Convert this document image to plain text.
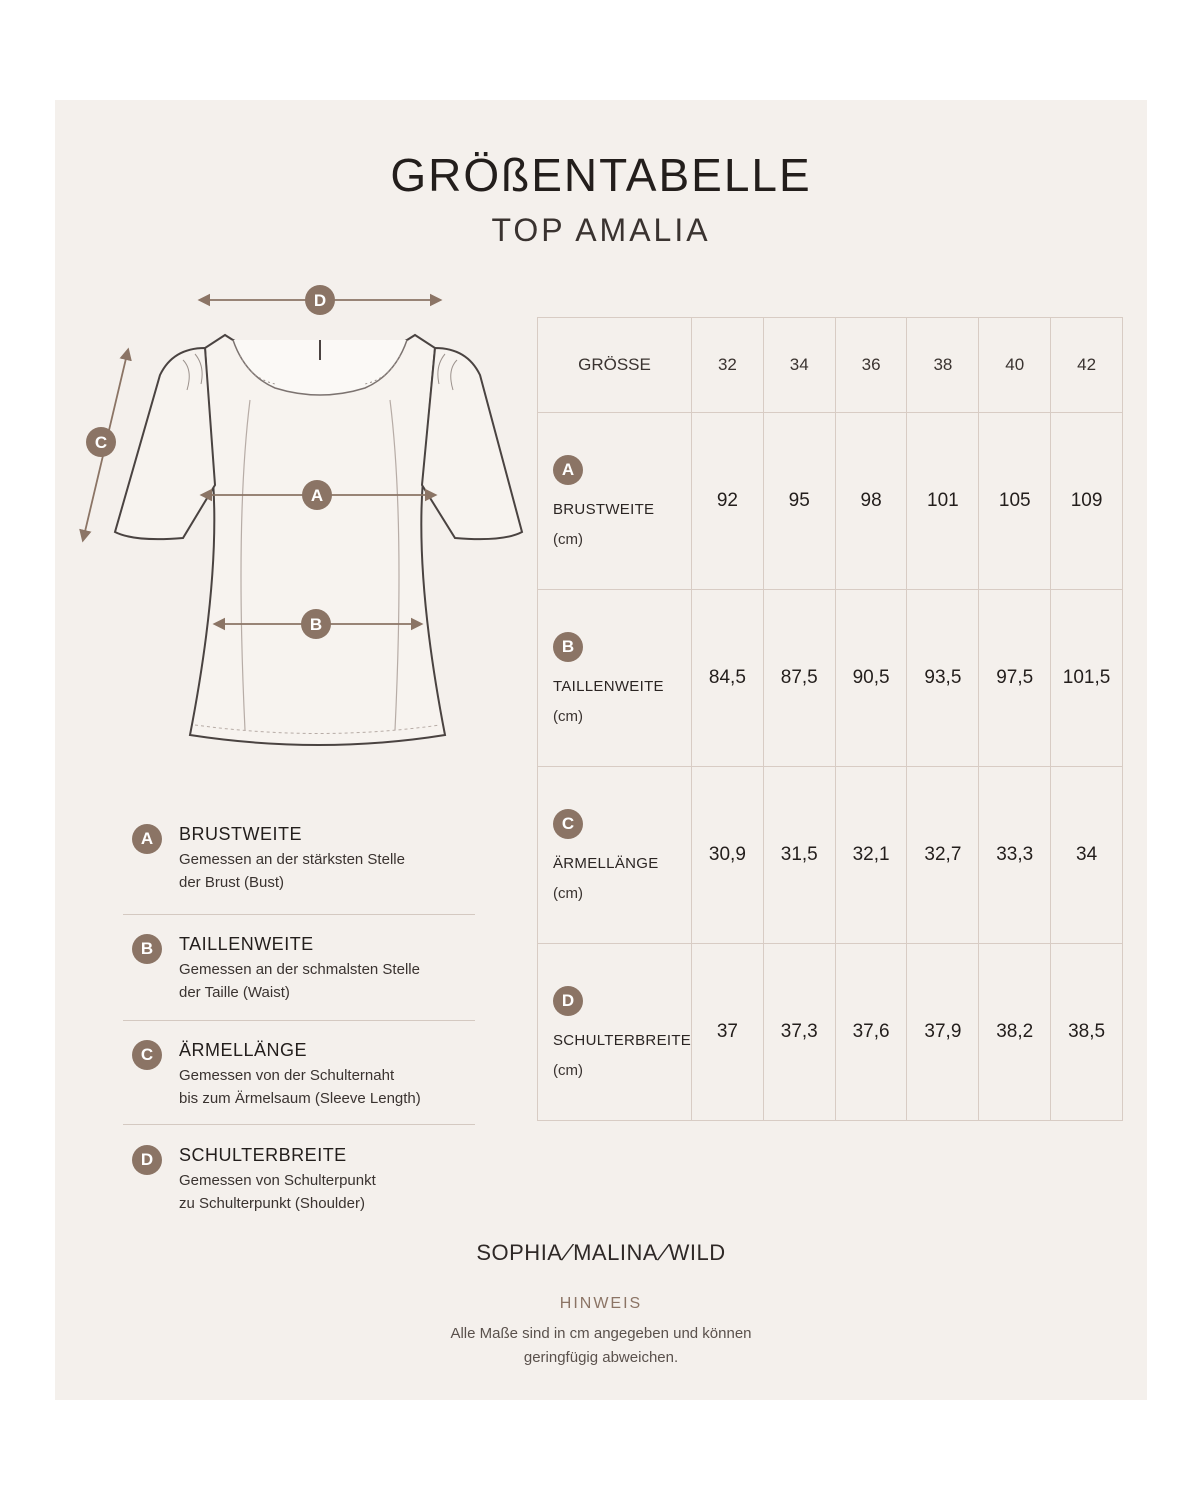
GRÖßENTABELLE
TOP AMALIA
D
C
A
B
A	BRUSTWEITE
Gemessen an der stärksten Stelle
der Brust (Bust)
B	TAILLENWEITE
Gemessen an der schmalsten Stelle
der Taille (Waist)
C	ÄRMELLÄNGE
Gemessen von der Schulternaht
bis zum Ärmelsaum (Sleeve Length)
D	SCHULTERBREITE
Gemessen von Schulterpunkt
zu Schulterpunkt (Shoulder)
GRÖSSE	32	34	36	38	40	42

A
BRUSTWEITE
(cm)	92	95	98	101	105	109

B
TAILLENWEITE
(cm)	84,5	87,5	90,5	93,5	97,5	101,5

C
ÄRMELLÄNGE
(cm)	30,9	31,5	32,1	32,7	33,3	34

D
SCHULTERBREITE
(cm)	37	37,3	37,6	37,9	38,2	38,5
SOPHIA/MALINA/WILD
HINWEIS
Alle Maße sind in cm angegeben und können
geringfügig abweichen.
